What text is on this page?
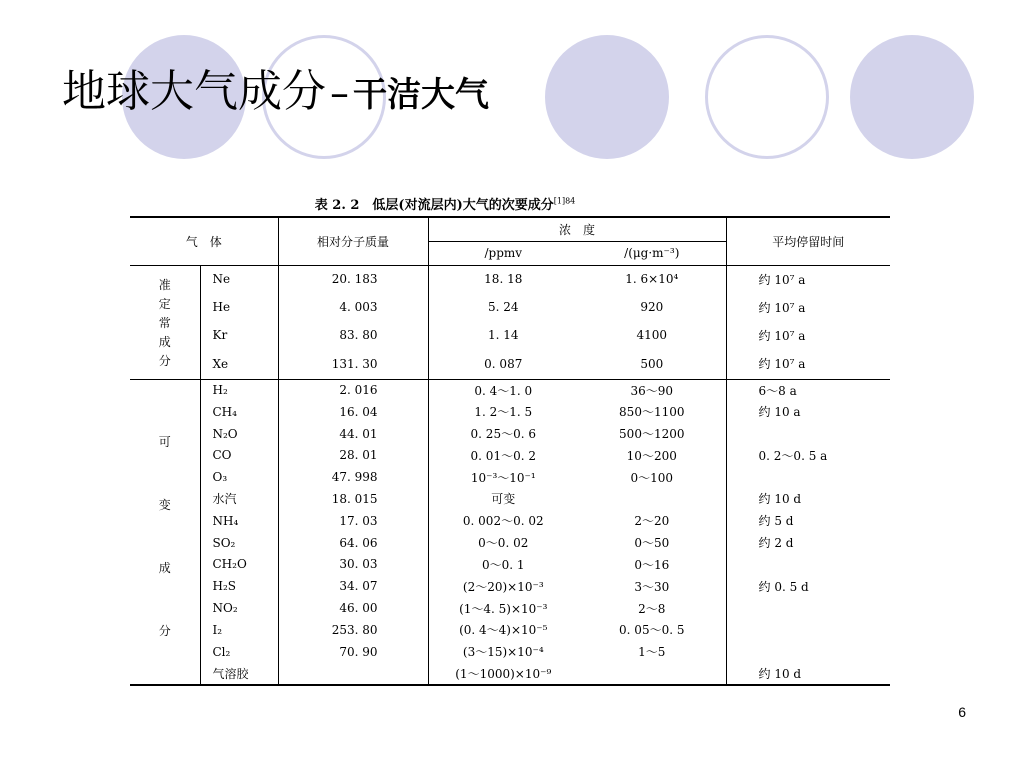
地球大气成分 – 干洁大气
表 2. 2　低层(对流层内)大气的次要成分$^{[1]84}$
气　体		相对分子质量	浓　度		平均停留时间
			/ppmv	/(μg·m⁻³)	

准
定
常
成
分	Ne	20. 183	18. 18	1. 6×10⁴	约 10⁷ a
	He	4. 003	5. 24	920	约 10⁷ a
	Kr	83. 80	1. 14	4100	约 10⁷ a
	Xe	131. 30	0. 087	500	约 10⁷ a

可
变
成
分	H₂	2. 016	0. 4～1. 0	36～90	6～8 a
	CH₄	16. 04	1. 2～1. 5	850～1100	约 10 a
	N₂O	44. 01	0. 25～0. 6	500～1200	
	CO	28. 01	0. 01～0. 2	10～200	0. 2～0. 5 a
	O₃	47. 998	10⁻³～10⁻¹	0～100	
	水汽	18. 015	可变		约 10 d
	NH₄	17. 03	0. 002～0. 02	2～20	约 5 d
	SO₂	64. 06	0～0. 02	0～50	约 2 d
	CH₂O	30. 03	0～0. 1	0～16	
	H₂S	34. 07	(2～20)×10⁻³	3～30	约 0. 5 d
	NO₂	46. 00	(1～4. 5)×10⁻³	2～8	
	I₂	253. 80	(0. 4～4)×10⁻⁵	0. 05～0. 5	
	Cl₂	70. 90	(3～15)×10⁻⁴	1～5	
	气溶胶		(1～1000)×10⁻⁹		约 10 d
6
